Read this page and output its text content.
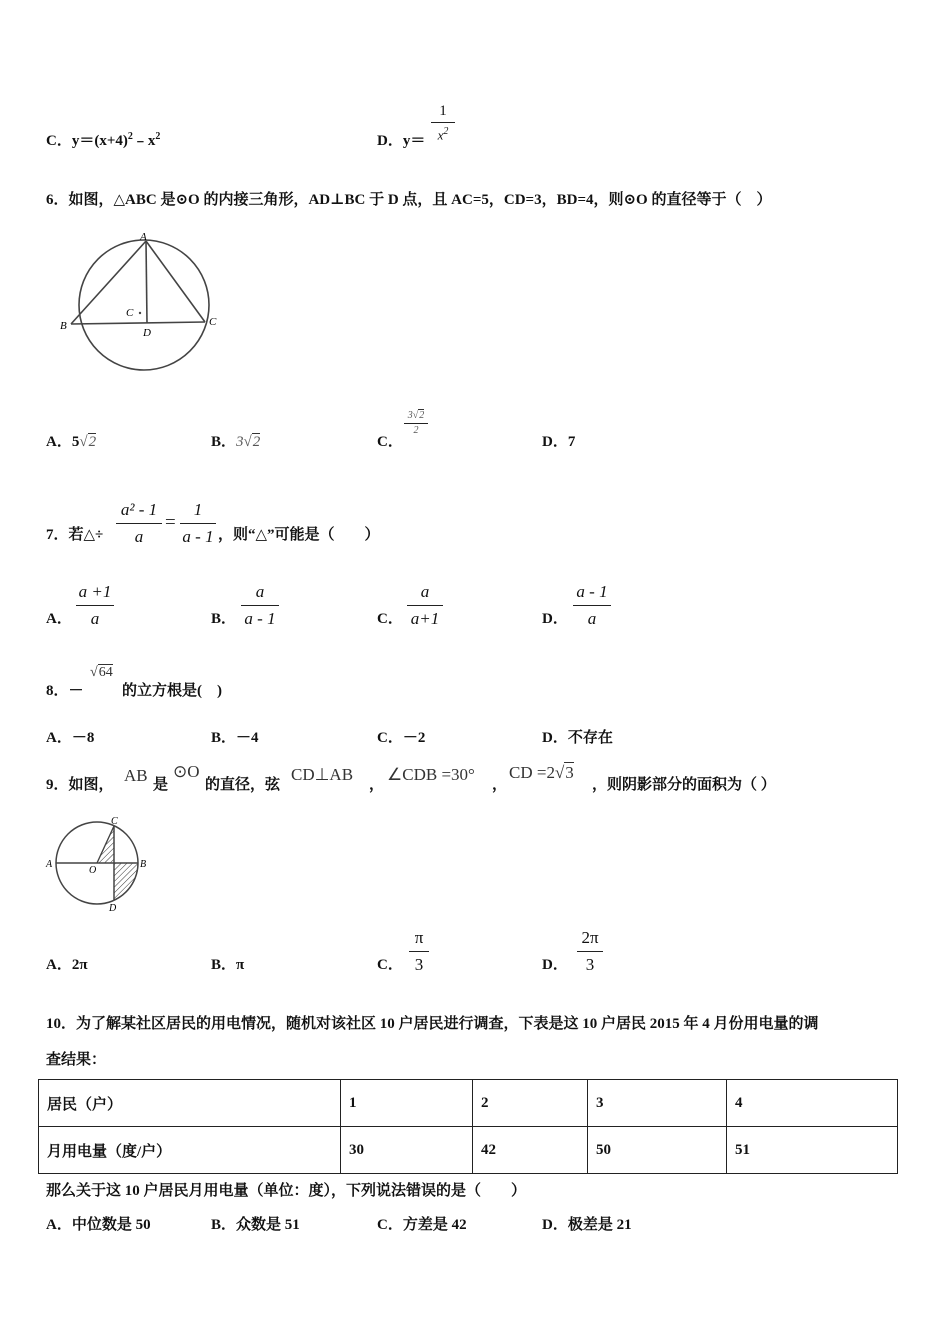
C．$y=(x+4)^2﹣x^2$	D．y＝
1
$x^2$
6．如图，△ABC 是⊙O 的内接三角形，AD⊥BC 于 D 点，且 AC=5，CD=3，BD=4，则⊙O 的直径等于（　）
A
B	C
D
C
A．5√2	B．3√2	C．
3√2
2
D．7
7．若△÷
a² - 1
a
=
1
a - 1 ，则“△”可能是（　　）
A．
a +1
a	B．
a
a - 1	C．
a
a+1	D．
a - 1
a
8．－
√64
的立方根是(　)
A．－8	B．－4	C．－2	D．不存在
9．如图， AB 是
⊙O
的直径，弦
CD⊥AB
，
∠CDB =30°
，
CD =2√3
，则阴影部分的面积为（ ）
A	B
C
D
O
A．2π	B．π	C．
π
3	D．
2π
3
10．为了解某社区居民的用电情况，随机对该社区 10 户居民进行调查，下表是这 10 户居民 2015 年 4 月份用电量的调
查结果：
居民（户）	1	2	3	4
月用电量（度/户）	30	42	50	51
那么关于这 10 户居民月用电量（单位：度），下列说法错误的是（　　）
A．中位数是 50	B．众数是 51	C．方差是 42	D．极差是 21
